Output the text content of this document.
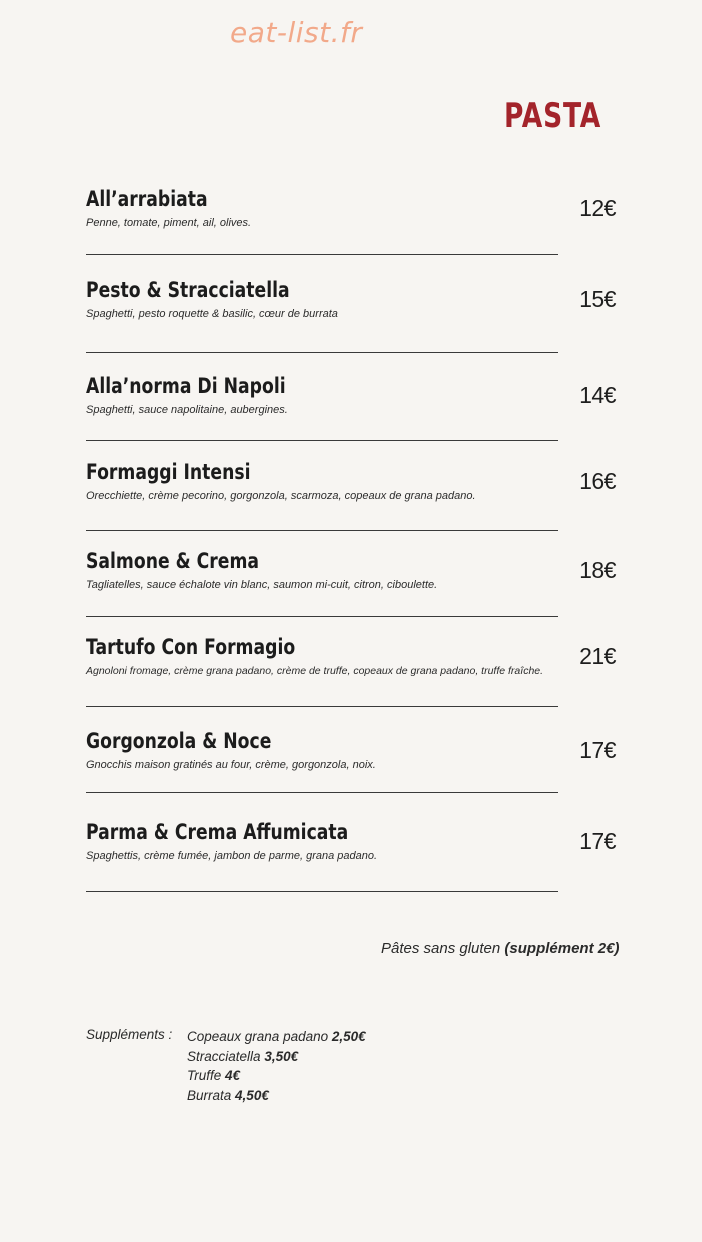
eat-list.fr
PASTA
All’arrabiata
Penne, tomate, piment, ail, olives.
12€
Pesto & Stracciatella
Spaghetti, pesto roquette & basilic, cœur de burrata
15€
Alla’norma Di Napoli
Spaghetti, sauce napolitaine, aubergines.
14€
Formaggi Intensi
Orecchiette, crème pecorino, gorgonzola, scarmoza, copeaux de grana padano.
16€
Salmone & Crema
Tagliatelles, sauce échalote vin blanc, saumon mi-cuit, citron, ciboulette.
18€
Tartufo Con Formagio
Agnoloni fromage, crème grana padano, crème de truffe, copeaux de grana padano, truffe fraîche.
21€
Gorgonzola & Noce
Gnocchis maison gratinés au four, crème, gorgonzola, noix.
17€
Parma & Crema Affumicata
Spaghettis, crème fumée, jambon de parme, grana padano.
17€
Pâtes sans gluten (supplément 2€)
Suppléments : Copeaux grana padano 2,50€
Stracciatella 3,50€
Truffe 4€
Burrata 4,50€
